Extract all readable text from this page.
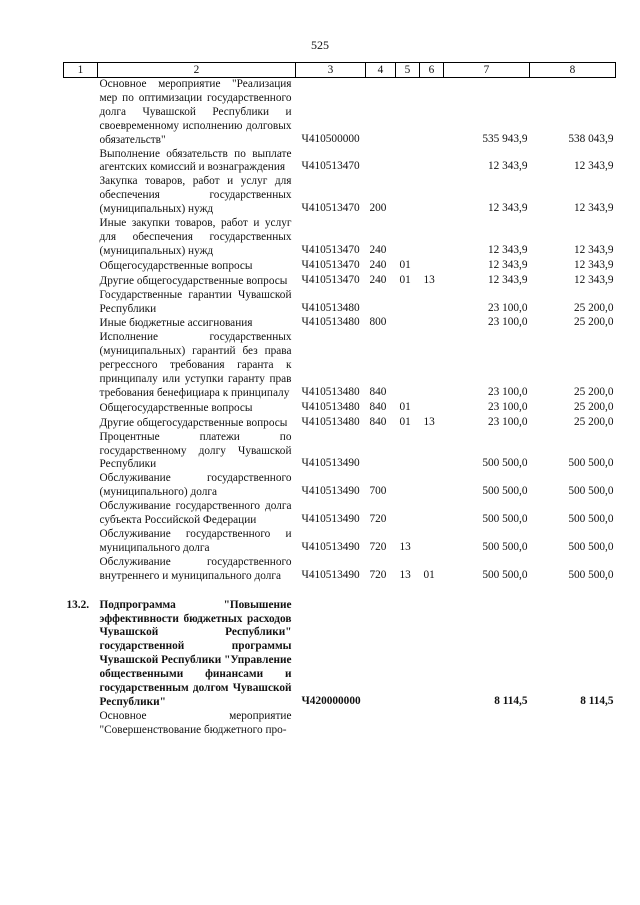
525
1	2	3	4	5	6	7	8
	Основное мероприятие "Реализация мер по оптимизации государственного долга Чувашской Республики и своевременному исполнению долговых обязательств"	Ч410500000				535 943,9	538 043,9
	Выполнение обязательств по выплате агентских комиссий и вознаграждения	Ч410513470				12 343,9	12 343,9
	Закупка товаров, работ и услуг для обеспечения государственных (муниципальных) нужд	Ч410513470	200			12 343,9	12 343,9
	Иные закупки товаров, работ и услуг для обеспечения государственных (муниципальных) нужд	Ч410513470	240			12 343,9	12 343,9
	Общегосударственные вопросы	Ч410513470	240	01		12 343,9	12 343,9
	Другие общегосударственные вопросы	Ч410513470	240	01	13	12 343,9	12 343,9
	Государственные гарантии Чувашской Республики	Ч410513480				23 100,0	25 200,0
	Иные бюджетные ассигнования	Ч410513480	800			23 100,0	25 200,0
	Исполнение государственных (муниципальных) гарантий без права регрессного требования гаранта к принципалу или уступки гаранту прав требования бенефициара к принципалу	Ч410513480	840			23 100,0	25 200,0
	Общегосударственные вопросы	Ч410513480	840	01		23 100,0	25 200,0
	Другие общегосударственные вопросы	Ч410513480	840	01	13	23 100,0	25 200,0
	Процентные платежи по государственному долгу Чувашской Республики	Ч410513490				500 500,0	500 500,0
	Обслуживание государственного (муниципального) долга	Ч410513490	700			500 500,0	500 500,0
	Обслуживание государственного долга субъекта Российской Федерации	Ч410513490	720			500 500,0	500 500,0
	Обслуживание государственного и муниципального долга	Ч410513490	720	13		500 500,0	500 500,0
	Обслуживание государственного внутреннего и муниципального долга	Ч410513490	720	13	01	500 500,0	500 500,0

13.2.	Подпрограмма "Повышение эффективности бюджетных расходов Чувашской Республики" государственной программы Чувашской Республики "Управление общественными финансами и государственным долгом Чувашской Республики"	Ч420000000				8 114,5	8 114,5
	Основное мероприятие "Совершенствование бюджетного про-						
